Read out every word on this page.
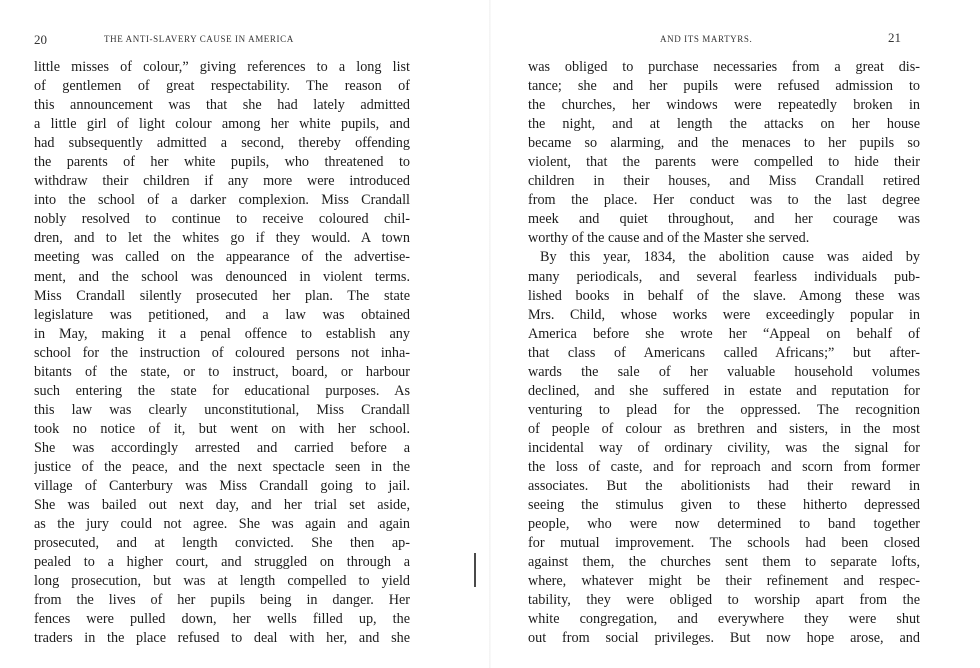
20	THE ANTI-SLAVERY CAUSE IN AMERICA
little misses of colour,” giving references to a long list
of gentlemen of great respectability. The reason of
this announcement was that she had lately admitted
a little girl of light colour among her white pupils, and
had subsequently admitted a second, thereby offending
the parents of her white pupils, who threatened to
withdraw their children if any more were introduced
into the school of a darker complexion. Miss Crandall
nobly resolved to continue to receive coloured chil-
dren, and to let the whites go if they would. A town
meeting was called on the appearance of the advertise-
ment, and the school was denounced in violent terms.
Miss Crandall silently prosecuted her plan. The state
legislature was petitioned, and a law was obtained
in May, making it a penal offence to establish any
school for the instruction of coloured persons not inha-
bitants of the state, or to instruct, board, or harbour
such entering the state for educational purposes. As
this law was clearly unconstitutional, Miss Crandall
took no notice of it, but went on with her school.
She was accordingly arrested and carried before a
justice of the peace, and the next spectacle seen in the
village of Canterbury was Miss Crandall going to jail.
She was bailed out next day, and her trial set aside,
as the jury could not agree. She was again and again
prosecuted, and at length convicted. She then ap-
pealed to a higher court, and struggled on through a
long prosecution, but was at length compelled to yield
from the lives of her pupils being in danger. Her
fences were pulled down, her wells filled up, the
traders in the place refused to deal with her, and she
AND ITS MARTYRS.	21
was obliged to purchase necessaries from a great dis-
tance; she and her pupils were refused admission to
the churches, her windows were repeatedly broken in
the night, and at length the attacks on her house
became so alarming, and the menaces to her pupils so
violent, that the parents were compelled to hide their
children in their houses, and Miss Crandall retired
from the place. Her conduct was to the last degree
meek and quiet throughout, and her courage was
worthy of the cause and of the Master she served.
By this year, 1834, the abolition cause was aided by
many periodicals, and several fearless individuals pub-
lished books in behalf of the slave. Among these was
Mrs. Child, whose works were exceedingly popular in
America before she wrote her “Appeal on behalf of
that class of Americans called Africans;” but after-
wards the sale of her valuable household volumes
declined, and she suffered in estate and reputation for
venturing to plead for the oppressed. The recognition
of people of colour as brethren and sisters, in the most
incidental way of ordinary civility, was the signal for
the loss of caste, and for reproach and scorn from former
associates. But the abolitionists had their reward in
seeing the stimulus given to these hitherto depressed
people, who were now determined to band together
for mutual improvement. The schools had been closed
against them, the churches sent them to separate lofts,
where, whatever might be their refinement and respec-
tability, they were obliged to worship apart from the
white congregation, and everywhere they were shut
out from social privileges. But now hope arose, and
